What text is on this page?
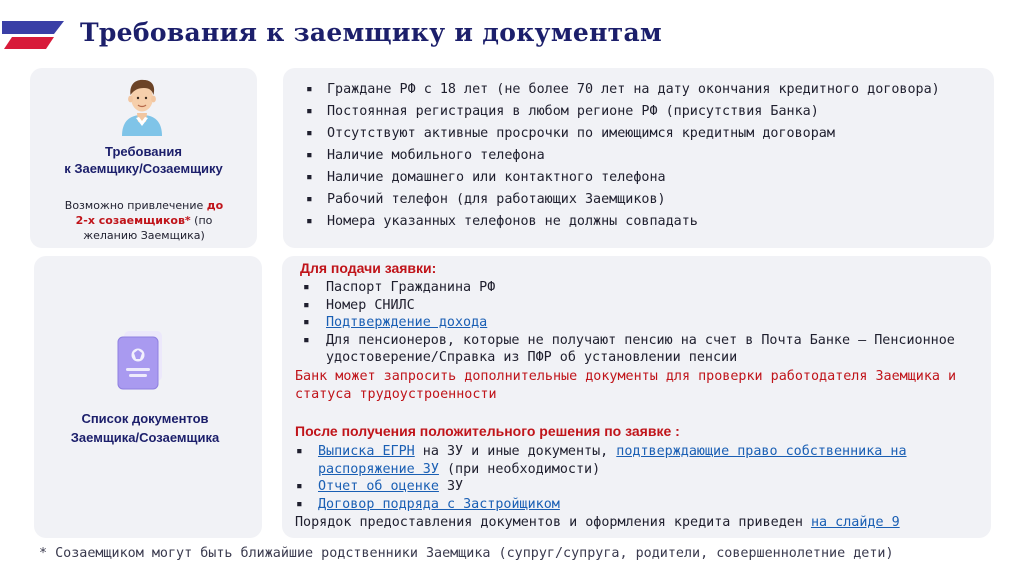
Требования к заемщику и документам
Требования
к Заемщику/Созаемщику
Возможно привлечение до 2-х созаемщиков* (по желанию Заемщика)
▪ Граждане РФ с 18 лет (не более 70 лет на дату окончания кредитного договора)
▪ Постоянная регистрация в любом регионе РФ (присутствия Банка)
▪ Отсутствуют активные просрочки по имеющимся кредитным договорам
▪ Наличие мобильного телефона
▪ Наличие домашнего или контактного телефона
▪ Рабочий телефон (для работающих Заемщиков)
▪ Номера указанных телефонов не должны совпадать
Список документов
Заемщика/Созаемщика
Для подачи заявки:
▪ Паспорт Гражданина РФ
▪ Номер СНИЛС
▪ Подтверждение дохода
▪ Для пенсионеров, которые не получают пенсию на счет в Почта Банке – Пенсионное удостоверение/Справка из ПФР об установлении пенсии
Банк может запросить дополнительные документы для проверки работодателя Заемщика и статуса трудоустроенности
После получения положительного решения по заявке :
▪ Выписка ЕГРН на ЗУ и иные документы, подтверждающие право собственника на распоряжение ЗУ (при необходимости)
▪ Отчет об оценке ЗУ
▪ Договор подряда с Застройщиком
Порядок предоставления документов и оформления кредита приведен на слайде 9
* Созаемщиком могут быть ближайшие родственники Заемщика (супруг/супруга, родители, совершеннолетние дети)
